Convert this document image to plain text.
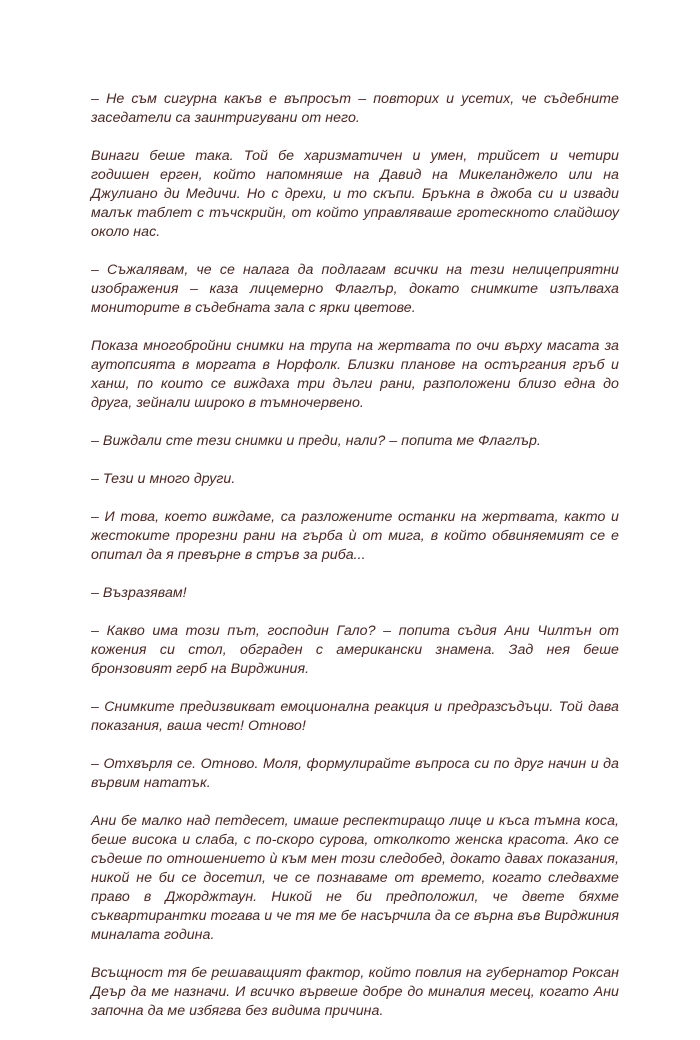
– Не съм сигурна какъв е въпросът – повторих и усетих, че съдебните заседатели са заинтригувани от него.

Винаги беше така. Той бе харизматичен и умен, трийсет и четири годишен ерген, който напомняше на Давид на Микеланджело или на Джулиано ди Медичи. Но с дрехи, и то скъпи. Бръкна в джоба си и извади малък таблет с тъчскрийн, от който управляваше гротескното слайдшоу около нас.

– Съжалявам, че се налага да подлагам всички на тези нелицеприятни изображения – каза лицемерно Флаглър, докато снимките изпълваха мониторите в съдебната зала с ярки цветове.

Показа многобройни снимки на трупа на жертвата по очи върху масата за аутопсията в моргата в Норфолк. Близки планове на остъргания гръб и ханш, по които се виждаха три дълги рани, разположени близо една до друга, зейнали широко в тъмночервено.

– Виждали сте тези снимки и преди, нали? – попита ме Флаглър.

– Тези и много други.

– И това, което виждаме, са разложените останки на жертвата, както и жестоките прорезни рани на гърба ѝ от мига, в който обвиняемият се е опитал да я превърне в стръв за риба...

– Възразявам!

– Какво има този път, господин Гало? – попита съдия Ани Чилтън от кожения си стол, обграден с американски знамена. Зад нея беше бронзовият герб на Вирджиния.

– Снимките предизвикват емоционална реакция и предразсъдъци. Той дава показания, ваша чест! Отново!

– Отхвърля се. Отново. Моля, формулирайте въпроса си по друг начин и да вървим нататък.

Ани бе малко над петдесет, имаше респектиращо лице и къса тъмна коса, беше висока и слаба, с по-скоро сурова, отколкото женска красота. Ако се съдеше по отношението ѝ към мен този следобед, докато давах показания, никой не би се досетил, че се познаваме от времето, когато следвахме право в Джорджтаун. Никой не би предположил, че двете бяхме съквартирантки тогава и че тя ме бе насърчила да се върна във Вирджиния миналата година.

Всъщност тя бе решаващият фактор, който повлия на губернатор Роксан Деър да ме назначи. И всичко вървеше добре до миналия месец, когато Ани започна да ме избягва без видима причина.
